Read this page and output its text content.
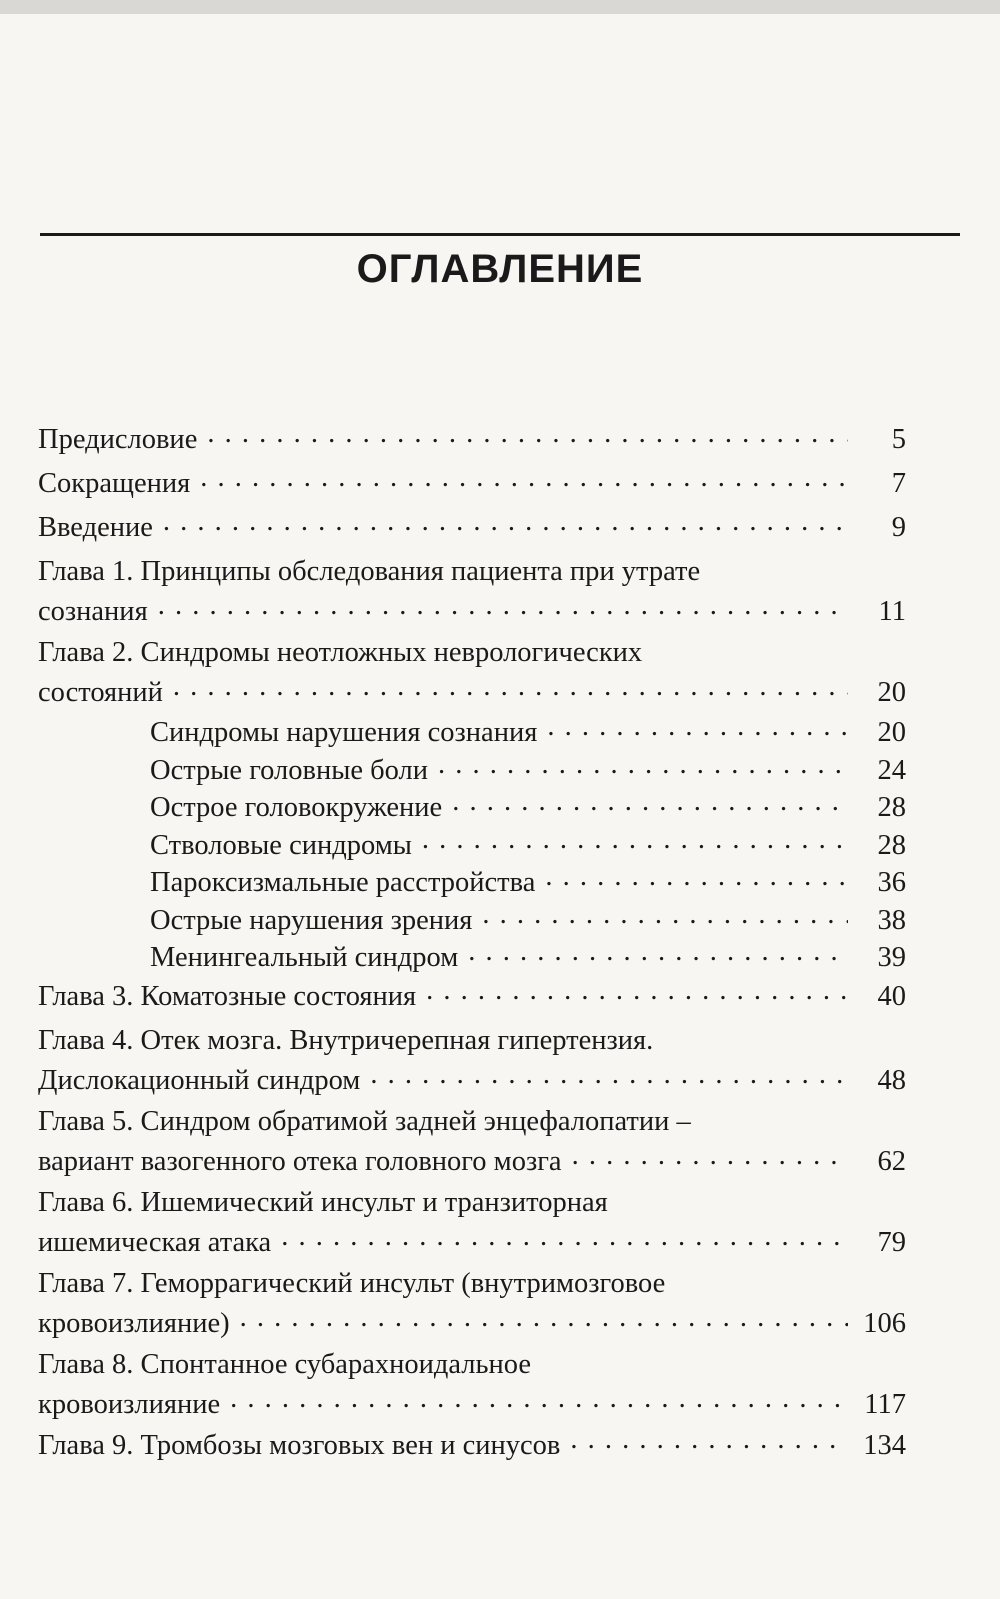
ОГЛАВЛЕНИЕ
Предисловие . . .	5
Сокращения . . .	7
Введение . . .	9
Глава 1. Принципы обследования пациента при утрате
сознания . . .	11
Глава 2. Синдромы неотложных неврологических
состояний . . .	20
Синдромы нарушения сознания . . .	20
Острые головные боли . . .	24
Острое головокружение . . .	28
Стволовые синдромы . . .	28
Пароксизмальные расстройства . . .	36
Острые нарушения зрения . . .	38
Менингеальный синдром . . .	39
Глава 3. Коматозные состояния . . .	40
Глава 4. Отек мозга. Внутричерепная гипертензия.
Дислокационный синдром . . .	48
Глава 5. Синдром обратимой задней энцефалопатии –
вариант вазогенного отека головного мозга . . .	62
Глава 6. Ишемический инсульт и транзиторная
ишемическая атака . . .	79
Глава 7. Геморрагический инсульт (внутримозговое
кровоизлияние) . . .	106
Глава 8. Спонтанное субарахноидальное
кровоизлияние . . .	117
Глава 9. Тромбозы мозговых вен и синусов . . .	134
